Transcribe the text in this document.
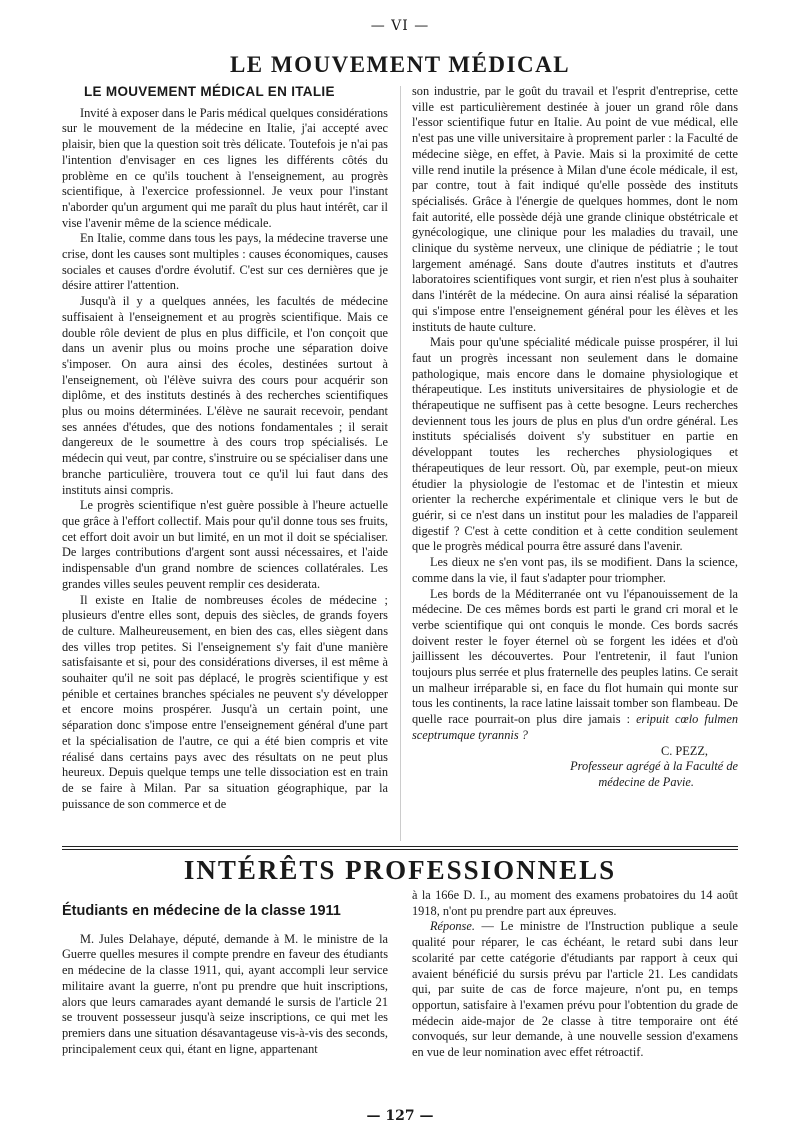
— VI —
LE MOUVEMENT MÉDICAL

LE MOUVEMENT MÉDICAL EN ITALIE

Invité à exposer dans le Paris médical quelques considérations sur le mouvement de la médecine en Italie, j'ai accepté avec plaisir, bien que la question soit très délicate. Toutefois je n'ai pas l'intention d'envisager en ces lignes les différents côtés du problème en ce qu'ils touchent à l'enseignement, au progrès scientifique, à l'exercice professionnel. Je veux pour l'instant n'aborder qu'un argument qui me paraît du plus haut intérêt, car il vise l'avenir même de la science médicale.

En Italie, comme dans tous les pays, la médecine traverse une crise, dont les causes sont multiples : causes économiques, causes sociales et causes d'ordre évolutif. C'est sur ces dernières que je désire attirer l'attention.

Jusqu'à il y a quelques années, les facultés de médecine suffisaient à l'enseignement et au progrès scientifique. Mais ce double rôle devient de plus en plus difficile, et l'on conçoit que dans un avenir plus ou moins proche une séparation doive s'imposer. On aura ainsi des écoles, destinées surtout à l'enseignement, où l'élève suivra des cours pour acquérir son diplôme, et des instituts destinés à des recherches scientifiques plus ou moins déterminées. L'élève ne saurait recevoir, pendant ses années d'études, que des notions fondamentales ; il serait dangereux de le soumettre à des cours trop spécialisés. Le médecin qui veut, par contre, s'instruire ou se spécialiser dans une branche particulière, trouvera tout ce qu'il lui faut dans des instituts ainsi compris.

Le progrès scientifique n'est guère possible à l'heure actuelle que grâce à l'effort collectif. Mais pour qu'il donne tous ses fruits, cet effort doit avoir un but limité, en un mot il doit se spécialiser. De larges contributions d'argent sont aussi nécessaires, et l'aide indispensable d'un grand nombre de sciences collatérales. Les grandes villes seules peuvent remplir ces desiderata.

Il existe en Italie de nombreuses écoles de médecine ; plusieurs d'entre elles sont, depuis des siècles, de grands foyers de culture. Malheureusement, en bien des cas, elles siègent dans des villes trop petites. Si l'enseignement s'y fait d'une manière satisfaisante et si, pour des considérations diverses, il est même à souhaiter qu'il ne soit pas déplacé, le progrès scientifique y est pénible et certaines branches spéciales ne peuvent s'y développer et encore moins prospérer. Jusqu'à un certain point, une séparation donc s'impose entre l'enseignement général d'une part et la spécialisation de l'autre, ce qui a été bien compris et vite réalisé dans certains pays avec des résultats on ne peut plus heureux. Depuis quelque temps une telle dissociation est en train de se faire à Milan. Par sa situation géographique, par la puissance de son commerce et de

son industrie, par le goût du travail et l'esprit d'entreprise, cette ville est particulièrement destinée à jouer un grand rôle dans l'essor scientifique futur en Italie. Au point de vue médical, elle n'est pas une ville universitaire à proprement parler : la Faculté de médecine siège, en effet, à Pavie. Mais si la proximité de cette ville rend inutile la présence à Milan d'une école médicale, il est, par contre, tout à fait indiqué qu'elle possède des instituts spécialisés. Grâce à l'énergie de quelques hommes, dont le nom fait autorité, elle possède déjà une grande clinique obstétricale et gynécologique, une clinique pour les maladies du travail, une clinique du système nerveux, une clinique de pédiatrie ; le tout largement aménagé. Sans doute d'autres instituts et d'autres laboratoires scientifiques vont surgir, et rien n'est plus à souhaiter dans l'intérêt de la médecine. On aura ainsi réalisé la séparation qui s'impose entre l'enseignement général pour les élèves et les instituts de haute culture.

Mais pour qu'une spécialité médicale puisse prospérer, il lui faut un progrès incessant non seulement dans le domaine pathologique, mais encore dans le domaine physiologique et thérapeutique. Les instituts universitaires de physiologie et de thérapeutique ne suffisent pas à cette besogne. Leurs recherches deviennent tous les jours de plus en plus d'un ordre général. Les instituts spécialisés doivent s'y substituer en partie en développant toutes les recherches physiologiques et thérapeutiques de leur ressort. Où, par exemple, peut-on mieux étudier la physiologie de l'estomac et de l'intestin et mieux orienter la recherche expérimentale et clinique vers le but de guérir, si ce n'est dans un institut pour les maladies de l'appareil digestif ? C'est à cette condition et à cette condition seulement que le progrès médical pourra être assuré dans l'avenir.

Les dieux ne s'en vont pas, ils se modifient. Dans la science, comme dans la vie, il faut s'adapter pour triompher.

Les bords de la Méditerranée ont vu l'épanouissement de la médecine. De ces mêmes bords est parti le grand cri moral et le verbe scientifique qui ont conquis le monde. Ces bords sacrés doivent rester le foyer éternel où se forgent les idées et d'où jaillissent les découvertes. Pour l'entretenir, il faut l'union toujours plus serrée et plus fraternelle des peuples latins. Ce serait un malheur irréparable si, en face du flot humain qui monte sur tous les continents, la race latine laissait tomber son flambeau. De quelle race pourrait-on plus dire jamais : eripuit cœlo fulmen sceptrumque tyrannis ?

C. PEZZ,

Professeur agrégé à la Faculté de

médecine de Pavie.

INTÉRÊTS PROFESSIONNELS

Étudiants en médecine de la classe 1911

M. Jules Delahaye, député, demande à M. le ministre de la Guerre quelles mesures il compte prendre en faveur des étudiants en médecine de la classe 1911, qui, ayant accompli leur service militaire avant la guerre, n'ont pu prendre que huit inscriptions, alors que leurs camarades ayant demandé le sursis de l'article 21 se trouvent possesseur jusqu'à seize inscriptions, ce qui met les premiers dans une situation désavantageuse vis-à-vis des seconds, principalement ceux qui, étant en ligne, appartenant

à la 166e D. I., au moment des examens probatoires du 14 août 1918, n'ont pu prendre part aux épreuves.

Réponse. — Le ministre de l'Instruction publique a seule qualité pour réparer, le cas échéant, le retard subi dans leur scolarité par cette catégorie d'étudiants par rapport à ceux qui avaient bénéficié du sursis prévu par l'article 21. Les candidats qui, par suite de cas de force majeure, n'ont pu, en temps opportun, satisfaire à l'examen prévu pour l'obtention du grade de médecin aide-major de 2e classe à titre temporaire ont été convoqués, sur leur demande, à une nouvelle session d'examens en vue de leur nomination avec effet rétroactif.

— 127 —
